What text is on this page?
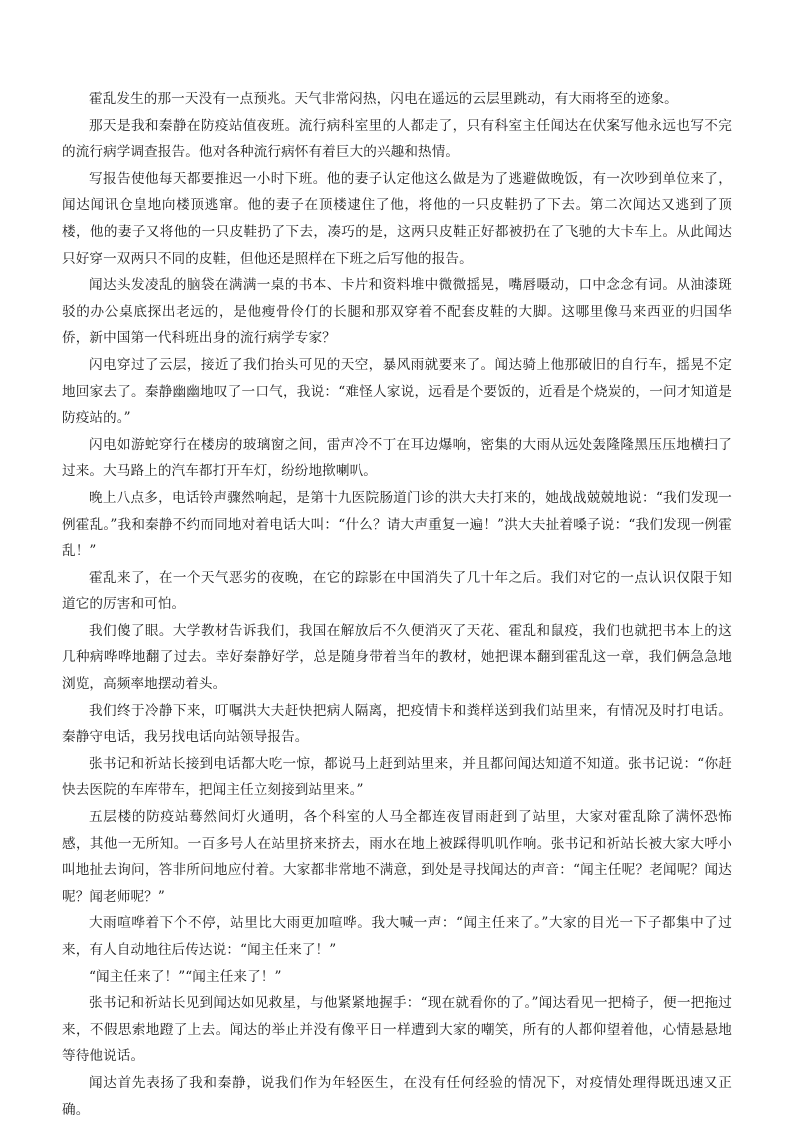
霍乱发生的那一天没有一点预兆。天气非常闷热，闪电在遥远的云层里跳动，有大雨将至的迹象。

那天是我和秦静在防疫站值夜班。流行病科室里的人都走了，只有科室主任闻达在伏案写他永远也写不完的流行病学调查报告。他对各种流行病怀有着巨大的兴趣和热情。

写报告使他每天都要推迟一小时下班。他的妻子认定他这么做是为了逃避做晚饭，有一次吵到单位来了，闻达闻讯仓皇地向楼顶逃窜。他的妻子在顶楼逮住了他，将他的一只皮鞋扔了下去。第二次闻达又逃到了顶楼，他的妻子又将他的一只皮鞋扔了下去，凑巧的是，这两只皮鞋正好都被扔在了飞驰的大卡车上。从此闻达只好穿一双两只不同的皮鞋，但他还是照样在下班之后写他的报告。

闻达头发凌乱的脑袋在满满一桌的书本、卡片和资料堆中微微摇晃，嘴唇嗫动，口中念念有词。从油漆斑驳的办公桌底探出老远的，是他瘦骨伶仃的长腿和那双穿着不配套皮鞋的大脚。这哪里像马来西亚的归国华侨，新中国第一代科班出身的流行病学专家？

闪电穿过了云层，接近了我们抬头可见的天空，暴风雨就要来了。闻达骑上他那破旧的自行车，摇晃不定地回家去了。秦静幽幽地叹了一口气，我说：“难怪人家说，远看是个要饭的，近看是个烧炭的，一问才知道是防疫站的。”

闪电如游蛇穿行在楼房的玻璃窗之间，雷声冷不丁在耳边爆响，密集的大雨从远处轰隆隆黑压压地横扫了过来。大马路上的汽车都打开车灯，纷纷地揿喇叭。

晚上八点多，电话铃声骤然响起，是第十九医院肠道门诊的洪大夫打来的，她战战兢兢地说：“我们发现一例霍乱。”我和秦静不约而同地对着电话大叫：“什么？请大声重复一遍！”洪大夫扯着嗓子说：“我们发现一例霍乱！”

霍乱来了，在一个天气恶劣的夜晚，在它的踪影在中国消失了几十年之后。我们对它的一点认识仅限于知道它的厉害和可怕。

我们傻了眼。大学教材告诉我们，我国在解放后不久便消灭了天花、霍乱和鼠疫，我们也就把书本上的这几种病哗哗地翻了过去。幸好秦静好学，总是随身带着当年的教材，她把课本翻到霍乱这一章，我们俩急急地浏览，高频率地摆动着头。

我们终于冷静下来，叮嘱洪大夫赶快把病人隔离，把疫情卡和粪样送到我们站里来，有情况及时打电话。秦静守电话，我另找电话向站领导报告。

张书记和祈站长接到电话都大吃一惊，都说马上赶到站里来，并且都问闻达知道不知道。张书记说：“你赶快去医院的车库带车，把闻主任立刻接到站里来。”

五层楼的防疫站蓦然间灯火通明，各个科室的人马全都连夜冒雨赶到了站里，大家对霍乱除了满怀恐怖感，其他一无所知。一百多号人在站里挤来挤去，雨水在地上被踩得叽叽作响。张书记和祈站长被大家大呼小叫地扯去询问，答非所问地应付着。大家都非常地不满意，到处是寻找闻达的声音：“闻主任呢？老闻呢？闻达呢？闻老师呢？”

大雨喧哗着下个不停，站里比大雨更加喧哗。我大喊一声：“闻主任来了。”大家的目光一下子都集中了过来，有人自动地往后传达说：“闻主任来了！”

“闻主任来了！”“闻主任来了！”

张书记和祈站长见到闻达如见救星，与他紧紧地握手：“现在就看你的了。”闻达看见一把椅子，便一把拖过来，不假思索地蹬了上去。闻达的举止并没有像平日一样遭到大家的嘲笑，所有的人都仰望着他，心情悬悬地等待他说话。

闻达首先表扬了我和秦静，说我们作为年轻医生，在没有任何经验的情况下，对疫情处理得既迅速又正确。
